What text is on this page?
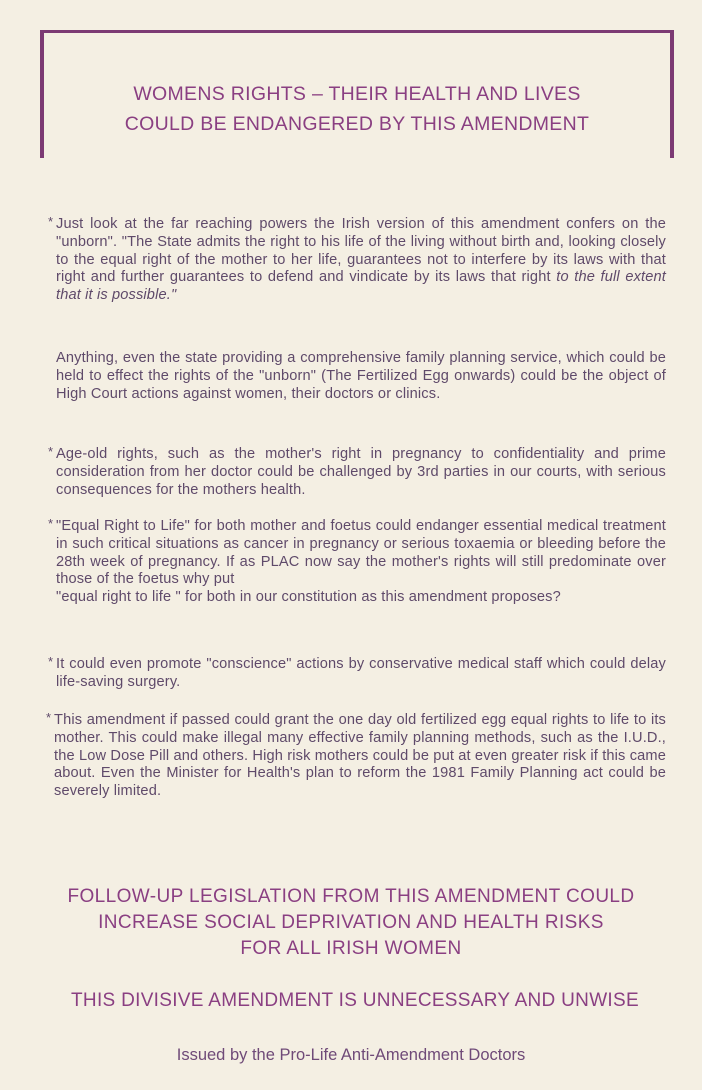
WOMENS RIGHTS – THEIR HEALTH AND LIVES
COULD BE ENDANGERED BY THIS AMENDMENT

* Just look at the far reaching powers the Irish version of this amendment confers on the "unborn". "The State admits the right to his life of the living without birth and, looking closely to the equal right of the mother to her life, guarantees not to interfere by its laws with that right and further guarantees to defend and vindicate by its laws that right to the full extent that it is possible."

Anything, even the state providing a comprehensive family planning service, which could be held to effect the rights of the "unborn" (The Fertilized Egg onwards) could be the object of High Court actions against women, their doctors or clinics.

* Age-old rights, such as the mother's right in pregnancy to confidentiality and prime consideration from her doctor could be challenged by 3rd parties in our courts, with serious consequences for the mothers health.

* "Equal Right to Life" for both mother and foetus could endanger essential medical treatment in such critical situations as cancer in pregnancy or serious toxaemia or bleeding before the 28th week of pregnancy. If as PLAC now say the mother's rights will still predominate over those of the foetus why put
"equal right to life " for both in our constitution as this amendment proposes?

* It could even promote "conscience" actions by conservative medical staff which could delay life-saving surgery.

* This amendment if passed could grant the one day old fertilized egg equal rights to life to its mother. This could make illegal many effective family planning methods, such as the I.U.D., the Low Dose Pill and others. High risk mothers could be put at even greater risk if this came about. Even the Minister for Health's plan to reform the 1981 Family Planning act could be severely limited.

FOLLOW-UP LEGISLATION FROM THIS AMENDMENT COULD
INCREASE SOCIAL DEPRIVATION AND HEALTH RISKS
FOR ALL IRISH WOMEN

THIS DIVISIVE AMENDMENT IS UNNECESSARY AND UNWISE

Issued by the Pro-Life Anti-Amendment Doctors
